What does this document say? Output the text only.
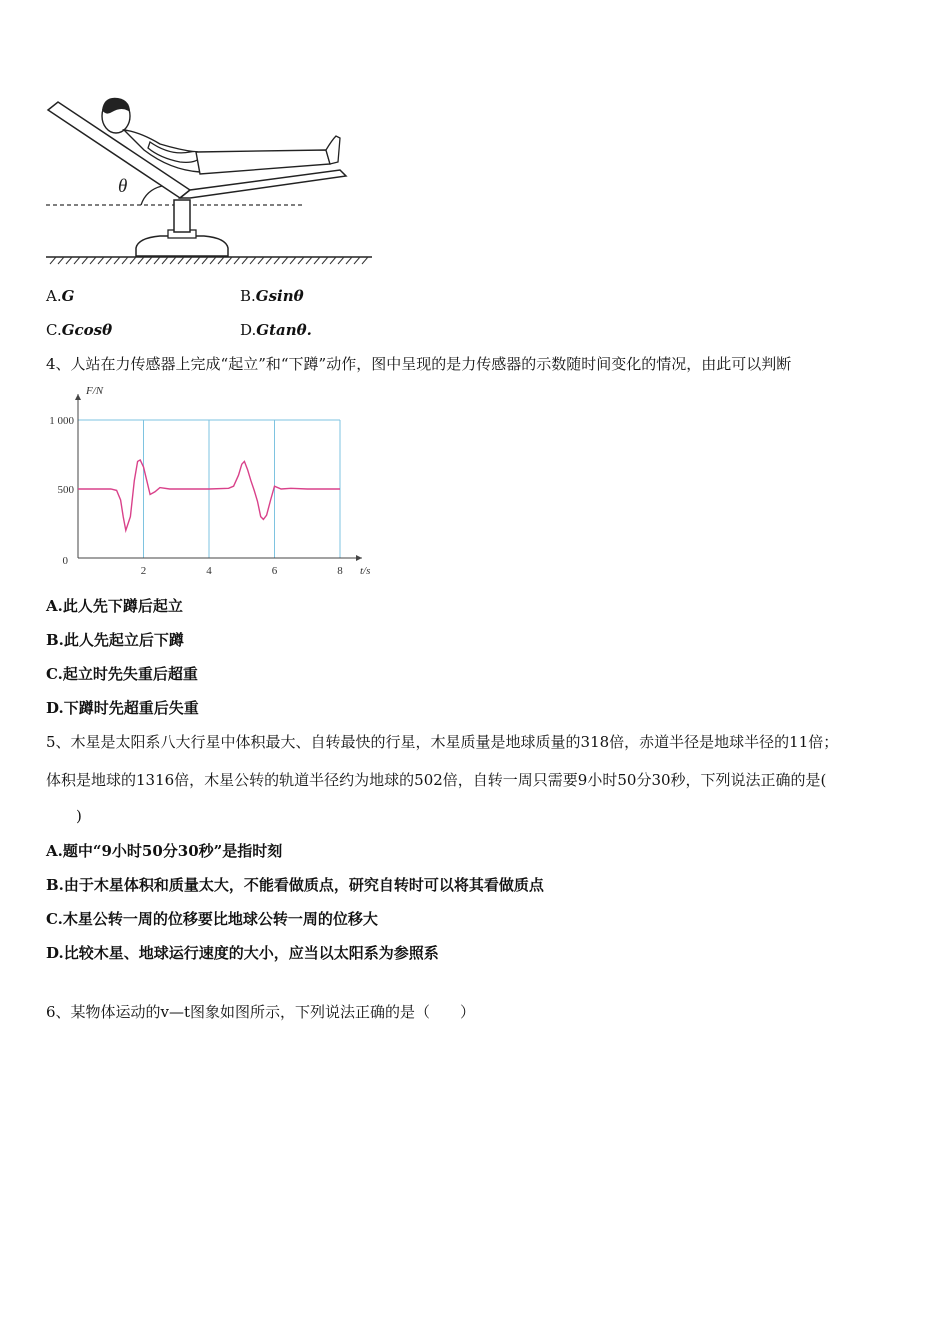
θ
A.G	B.Gsinθ
C.Gcosθ	D.Gtanθ.
4、人站在力传感器上完成“起立”和“下蹲”动作，图中呈现的是力传感器的示数随时间变化的情况，由此可以判断
1 000
500
2	4	6	8
F/N
t/s
0
A.此人先下蹲后起立
B.此人先起立后下蹲
C.起立时先失重后超重
D.下蹲时先超重后失重
5、木星是太阳系八大行星中体积最大、自转最快的行星，木星质量是地球质量的318倍，赤道半径是地球半径的11倍；
体积是地球的1316倍，木星公转的轨道半径约为地球的502倍，自转一周只需要9小时50分30秒，下列说法正确的是(
)
A.题中“9小时50分30秒”是指时刻
B.由于木星体积和质量太大，不能看做质点，研究自转时可以将其看做质点
C.木星公转一周的位移要比地球公转一周的位移大
D.比较木星、地球运行速度的大小，应当以太阳系为参照系
6、某物体运动的v—t图象如图所示，下列说法正确的是（　　）
